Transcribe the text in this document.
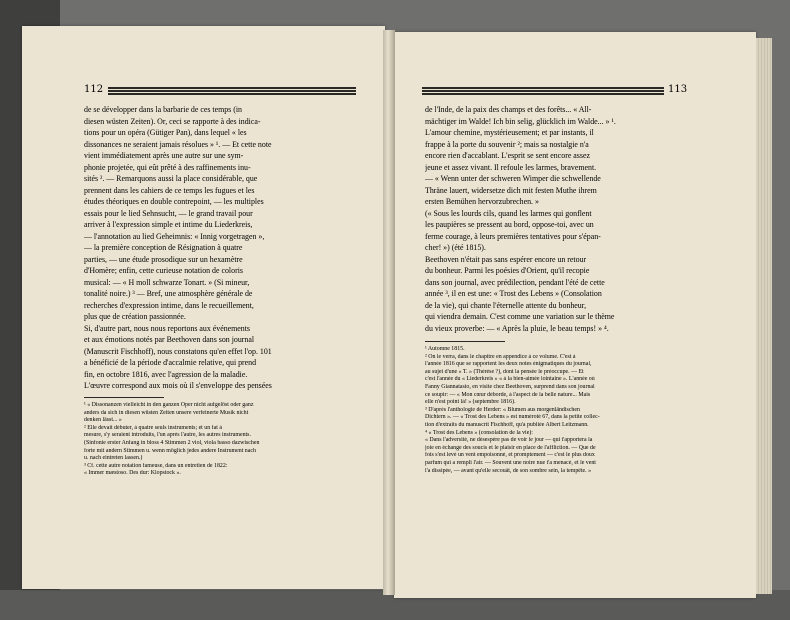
112
de se développer dans la barbarie de ces temps (in
diesen wüsten Zeiten). Or, ceci se rapporte à des indica-
tions pour un opéra (Gütiger Pan), dans lequel « les
dissonances ne seraient jamais résolues » ¹. — Et cette note
vient immédiatement après une autre sur une sym-
phonie projetée, qui eût prêté à des raffinements inu-
sités ². — Remarquons aussi la place considérable, que
prennent dans les cahiers de ce temps les fugues et les
études théoriques en double contrepoint, — les multiples
essais pour le lied Sehnsucht, — le grand travail pour
arriver à l'expression simple et intime du Liederkreis,
— l'annotation au lied Geheimnis: « Innig vorgetragen »,
— la première conception de Résignation à quatre
parties, — une étude prosodique sur un hexamètre
d'Homère; enfin, cette curieuse notation de coloris
musical: — « H moll schwarze Tonart. » (Si mineur,
tonalité noire.) ³ — Bref, une atmosphère générale de
recherches d'expression intime, dans le recueillement,
plus que de création passionnée.
Si, d'autre part, nous nous reportons aux événements
et aux émotions notés par Beethoven dans son journal
(Manuscrit Fischhoff), nous constatons qu'en effet l'op. 101
a bénéficié de la période d'accalmie relative, qui prend
fin, en octobre 1816, avec l'agression de la maladie.
L'œuvre correspond aux mois où il s'enveloppe des pensées
¹ « Dissonanzen vielleicht in den ganzen Oper nicht aufgelöst oder ganz
anders da sich in diesen wüsten Zeiten unsere verfeinerte Musik nicht
denken lässt... »
² Elle devait débuter, à quatre seuls instruments; et un fat à
mesure, s'y seraient introduits, l'un après l'autre, les autres instruments.
(Sinfonie erster Anfang in bloss 4 Stimmen 2 viol, viola basso dazwischen
forte mit andern Stimmen u. wenn möglich jedes andere Instrument nach
u. nach eintreten lassen.)
³ Cf. cette autre notation fameuse, dans un entretien de 1822:
« Immer mæstoso. Des dur: Klopstock ».
113
de l'Inde, de la paix des champs et des forêts... « All-
mächtiger im Walde! Ich bin selig, glücklich im Walde... » ¹.
L'amour chemine, mystérieusement; et par instants, il
frappe à la porte du souvenir ²; mais sa nostalgie n'a
encore rien d'accablant. L'esprit se sent encore assez
jeune et assez vivant. Il refoule les larmes, bravement.
— « Wenn unter der schweren Wimper die schwellende
Thräne lauert, widersetze dich mit festen Muthe ihrem
ersten Bemühen hervorzubrechen. »
(« Sous les lourds cils, quand les larmes qui gonflent
les paupières se pressent au bord, oppose-toi, avec un
ferme courage, à leurs premières tentatives pour s'épan-
cher! ») (été 1815).
Beethoven n'était pas sans espérer encore un retour
du bonheur. Parmi les poésies d'Orient, qu'il recopie
dans son journal, avec prédilection, pendant l'été de cette
année ³, il en est une: « Trost des Lebens » (Consolation
de la vie), qui chante l'éternelle attente du bonheur,
qui viendra demain. C'est comme une variation sur le thème
du vieux proverbe: — « Après la pluie, le beau temps! » ⁴.
¹ Automne 1815.
² On le verra, dans le chapitre en appendice à ce volume. C'est à
l'année 1816 que se rapportent les deux notes énigmatiques du journal,
au sujet d'une « T. » (Thérèse ?), dont la pensée le préoccupe. — Et
c'est l'année du « Liederkreis » « à la bien-aimée lointaine ». L'année où
Fanny Giannatasio, en visite chez Beethoven, surprend dans son journal
ce soupir: — « Mon cœur déborde, à l'aspect de la belle nature... Mais
elle n'est point là! » (septembre 1816).
³ D'après l'anthologie de Herder: « Blumen aus morgenländischen
Dichtern ». — « Trost des Lebens » est numéroté 67, dans la petite collec-
tion d'extraits du manuscrit Fischhoff, qu'a publiée Albert Leitzmann.
⁴ « Trost des Lebens » (consolation de la vie):
« Dans l'adversité, ne désespère pas de voir le jour — qui t'apportera la
joie en échange des soucis et le plaisir en place de l'affliction. — Que de
fois s'est levé un vent empoisonné, et promptement — c'est le plus doux
parfum qui a rempli l'air. — Souvent une noire nue t'a menacé, et le vent
l'a dissipée, — avant qu'elle secouât, de son sombre sein, la tempête. »
